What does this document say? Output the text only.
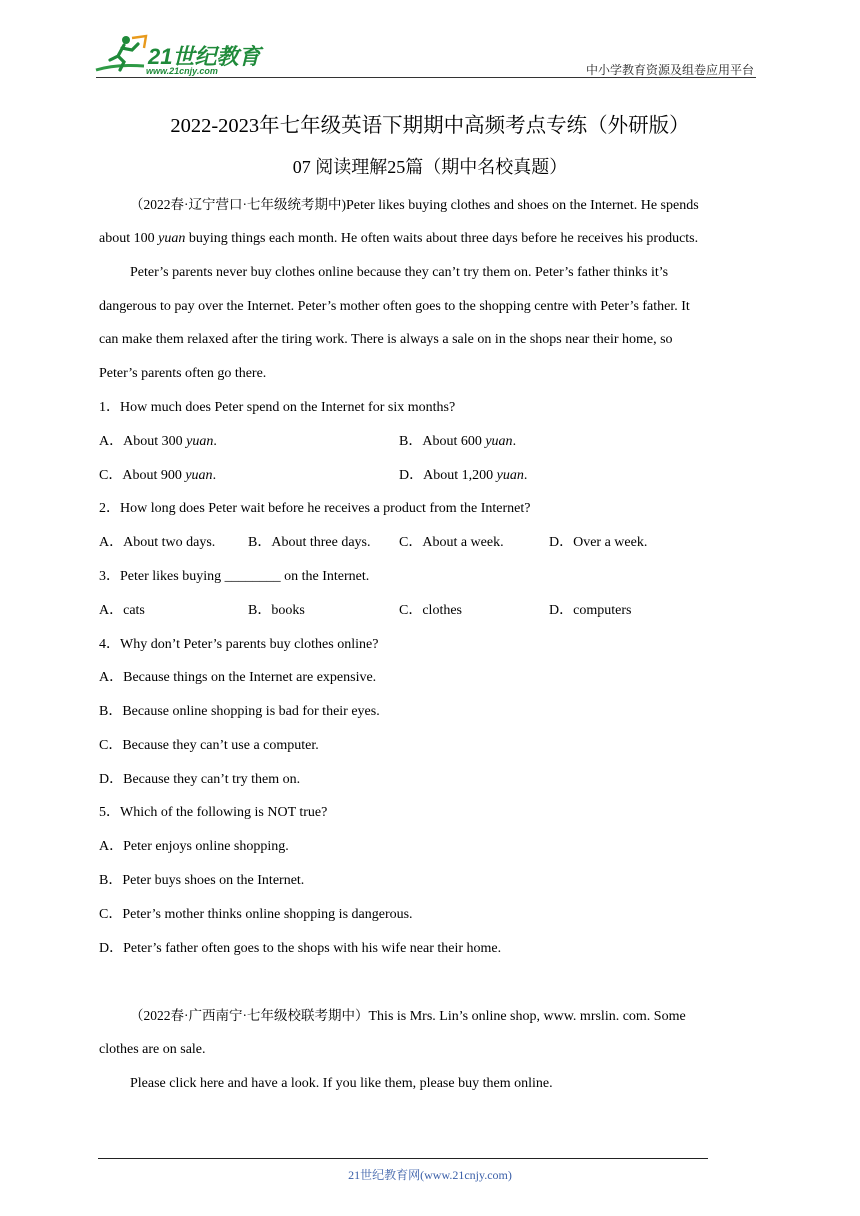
21世纪教育
www.21cnjy.com	中小学教育资源及组卷应用平台
2022-2023年七年级英语下期期中高频考点专练（外研版）
07 阅读理解25篇（期中名校真题）
（2022春·辽宁营口·七年级统考期中)Peter likes buying clothes and shoes on the Internet. He spends
about 100 yuan buying things each month. He often waits about three days before he receives his products.
Peter’s parents never buy clothes online because they can’t try them on. Peter’s father thinks it’s
dangerous to pay over the Internet. Peter’s mother often goes to the shopping centre with Peter’s father. It
can make them relaxed after the tiring work. There is always a sale on in the shops near their home, so
Peter’s parents often go there.
1．How much does Peter spend on the Internet for six months?
A．About 300 yuan.	B．About 600 yuan.
C．About 900 yuan.	D．About 1,200 yuan.
2．How long does Peter wait before he receives a product from the Internet?
A．About two days. B．About three days. C．About a week.	D．Over a week.
3．Peter likes buying ________ on the Internet.
A．cats	B．books	C．clothes	D．computers
4．Why don’t Peter’s parents buy clothes online?
A．Because things on the Internet are expensive.
B．Because online shopping is bad for their eyes.
C．Because they can’t use a computer.
D．Because they can’t try them on.
5．Which of the following is NOT true?
A．Peter enjoys online shopping.
B．Peter buys shoes on the Internet.
C．Peter’s mother thinks online shopping is dangerous.
D．Peter’s father often goes to the shops with his wife near their home.
（2022春·广西南宁·七年级校联考期中）This is Mrs. Lin’s online shop, www. mrslin. com. Some
clothes are on sale.
Please click here and have a look. If you like them, please buy them online.
21世纪教育网(www.21cnjy.com)
